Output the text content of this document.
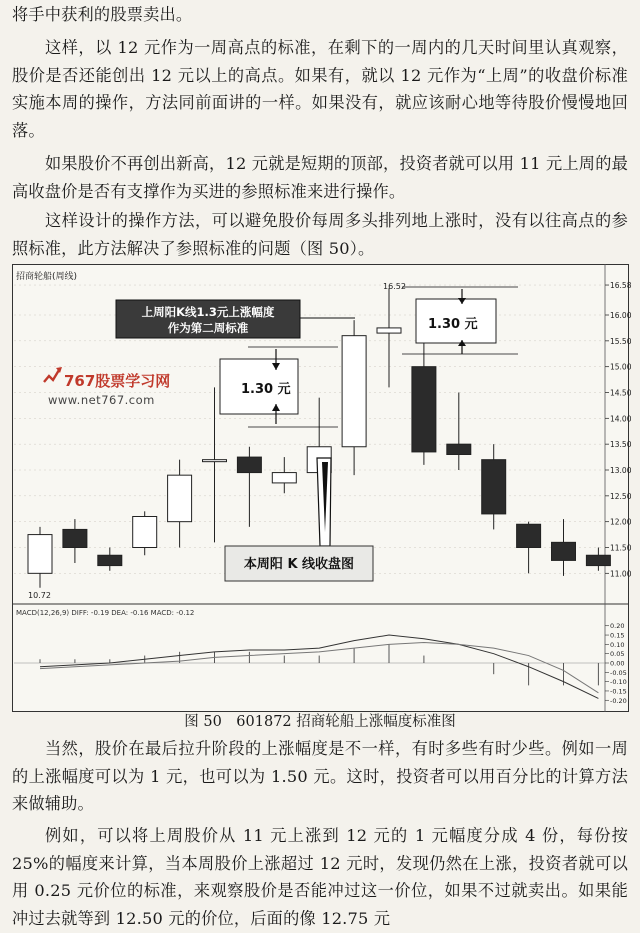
将手中获利的股票卖出。
这样，以 12 元作为一周高点的标准，在剩下的一周内的几天时间里认真观察，股价是否还能创出 12 元以上的高点。如果有，就以 12 元作为“上周”的收盘价标准实施本周的操作，方法同前面讲的一样。如果没有，就应该耐心地等待股价慢慢地回落。
如果股价不再创出新高，12 元就是短期的顶部，投资者就可以用 11 元上周的最高收盘价是否有支撑作为买进的参照标准来进行操作。
这样设计的操作方法，可以避免股价每周多头排列地上涨时，没有以往高点的参照标准，此方法解决了参照标准的问题（图 50）。
16.58
16.00
15.50
15.00
14.50
14.00
13.50
13.00
12.50
12.00
11.50
11.00
0.20
0.15
0.10
0.05
0.00
-0.05
-0.10
-0.15
-0.20
招商轮船(周线)
MACD(12,26,9) DIFF: -0.19 DEA: -0.16 MACD: -0.12
767股票学习网
www.net767.com
上周阳K线1.3元上涨幅度
作为第二周标准
1.30 元
1.30 元
本周阳 K 线收盘图
16.52
10.72
图 50　601872 招商轮船上涨幅度标准图
当然，股价在最后拉升阶段的上涨幅度是不一样，有时多些有时少些。例如一周的上涨幅度可以为 1 元，也可以为 1.50 元。这时，投资者可以用百分比的计算方法来做辅助。
例如，可以将上周股价从 11 元上涨到 12 元的 1 元幅度分成 4 份，每份按 25%的幅度来计算，当本周股价上涨超过 12 元时，发现仍然在上涨，投资者就可以用 0.25 元价位的标准，来观察股价是否能冲过这一价位，如果不过就卖出。如果能冲过去就等到 12.50 元的价位，后面的像 12.75 元
